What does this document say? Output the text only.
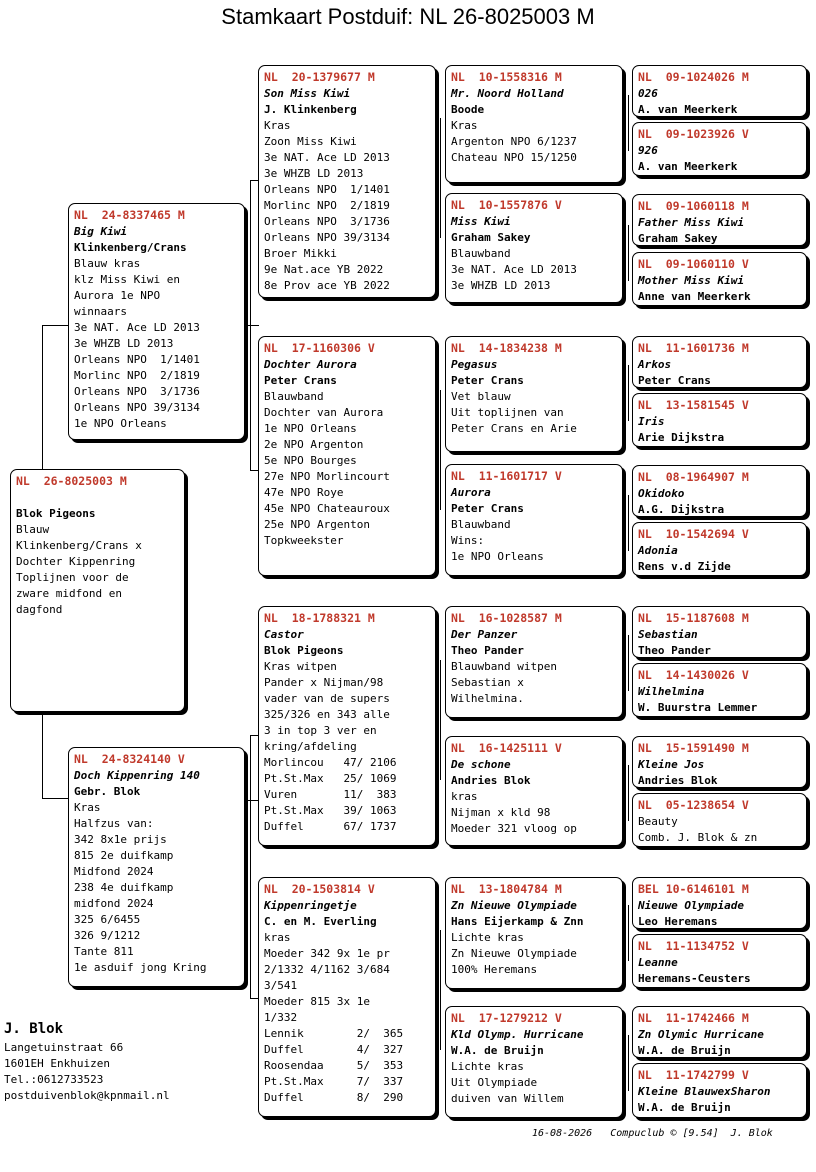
Stamkaart Postduif: NL 26-8025003 M
NL  26-8025003 M

Blok Pigeons
Blauw
Klinkenberg/Crans x
Dochter Kippenring
Toplijnen voor de
zware midfond en
dagfond
NL  24-8337465 M
Big Kiwi
Klinkenberg/Crans
Blauw kras
klz Miss Kiwi en
Aurora 1e NPO
winnaars
3e NAT. Ace LD 2013
3e WHZB LD 2013
Orleans NPO  1/1401
Morlinc NPO  2/1819
Orleans NPO  3/1736
Orleans NPO 39/3134
1e NPO Orleans
NL  24-8324140 V
Doch Kippenring 140
Gebr. Blok
Kras
Halfzus van:
342 8x1e prijs
815 2e duifkamp
Midfond 2024
238 4e duifkamp
midfond 2024
325 6/6455
326 9/1212
Tante 811
1e asduif jong Kring
NL  20-1379677 M
Son Miss Kiwi
J. Klinkenberg
Kras
Zoon Miss Kiwi
3e NAT. Ace LD 2013
3e WHZB LD 2013
Orleans NPO  1/1401
Morlinc NPO  2/1819
Orleans NPO  3/1736
Orleans NPO 39/3134
Broer Mikki
9e Nat.ace YB 2022
8e Prov ace YB 2022
NL  17-1160306 V
Dochter Aurora
Peter Crans
Blauwband
Dochter van Aurora
1e NPO Orleans
2e NPO Argenton
5e NPO Bourges
27e NPO Morlincourt
47e NPO Roye
45e NPO Chateauroux
25e NPO Argenton
Topkweekster
NL  18-1788321 M
Castor
Blok Pigeons
Kras witpen
Pander x Nijman/98
vader van de supers
325/326 en 343 alle
3 in top 3 ver en
kring/afdeling
Morlincou   47/ 2106
Pt.St.Max   25/ 1069
Vuren       11/  383
Pt.St.Max   39/ 1063
Duffel      67/ 1737
NL  20-1503814 V
Kippenringetje
C. en M. Everling
kras
Moeder 342 9x 1e pr
2/1332 4/1162 3/684
3/541
Moeder 815 3x 1e
1/332
Lennik        2/  365
Duffel        4/  327
Roosendaa     5/  353
Pt.St.Max     7/  337
Duffel        8/  290
NL  10-1558316 M
Mr. Noord Holland
Boode
Kras
Argenton NPO 6/1237
Chateau NPO 15/1250
NL  10-1557876 V
Miss Kiwi
Graham Sakey
Blauwband
3e NAT. Ace LD 2013
3e WHZB LD 2013
NL  14-1834238 M
Pegasus
Peter Crans
Vet blauw
Uit toplijnen van
Peter Crans en Arie
NL  11-1601717 V
Aurora
Peter Crans
Blauwband
Wins:
1e NPO Orleans
NL  16-1028587 M
Der Panzer
Theo Pander
Blauwband witpen
Sebastian x
Wilhelmina.
NL  16-1425111 V
De schone
Andries Blok
kras
Nijman x kld 98
Moeder 321 vloog op
NL  13-1804784 M
Zn Nieuwe Olympiade
Hans Eijerkamp & Znn
Lichte kras
Zn Nieuwe Olympiade
100% Heremans
NL  17-1279212 V
Kld Olymp. Hurricane
W.A. de Bruijn
Lichte kras
Uit Olympiade
duiven van Willem
NL  09-1024026 M
026
A. van Meerkerk
NL  09-1023926 V
926
A. van Meerkerk
NL  09-1060118 M
Father Miss Kiwi
Graham Sakey
NL  09-1060110 V
Mother Miss Kiwi
Anne van Meerkerk
NL  11-1601736 M
Arkos
Peter Crans
NL  13-1581545 V
Iris
Arie Dijkstra
NL  08-1964907 M
Okidoko
A.G. Dijkstra
NL  10-1542694 V
Adonia
Rens v.d Zijde
NL  15-1187608 M
Sebastian
Theo Pander
NL  14-1430026 V
Wilhelmina
W. Buurstra Lemmer
NL  15-1591490 M
Kleine Jos
Andries Blok
NL  05-1238654 V
Beauty
Comb. J. Blok & zn
BEL 10-6146101 M
Nieuwe Olympiade
Leo Heremans
NL  11-1134752 V
Leanne
Heremans-Ceusters
NL  11-1742466 M
Zn Olymic Hurricane
W.A. de Bruijn
NL  11-1742799 V
Kleine BlauwexSharon
W.A. de Bruijn
J. Blok
Langetuinstraat 66
1601EH Enkhuizen
Tel.:0612733523
postduivenblok@kpnmail.nl
16-08-2026   Compuclub © [9.54]  J. Blok
